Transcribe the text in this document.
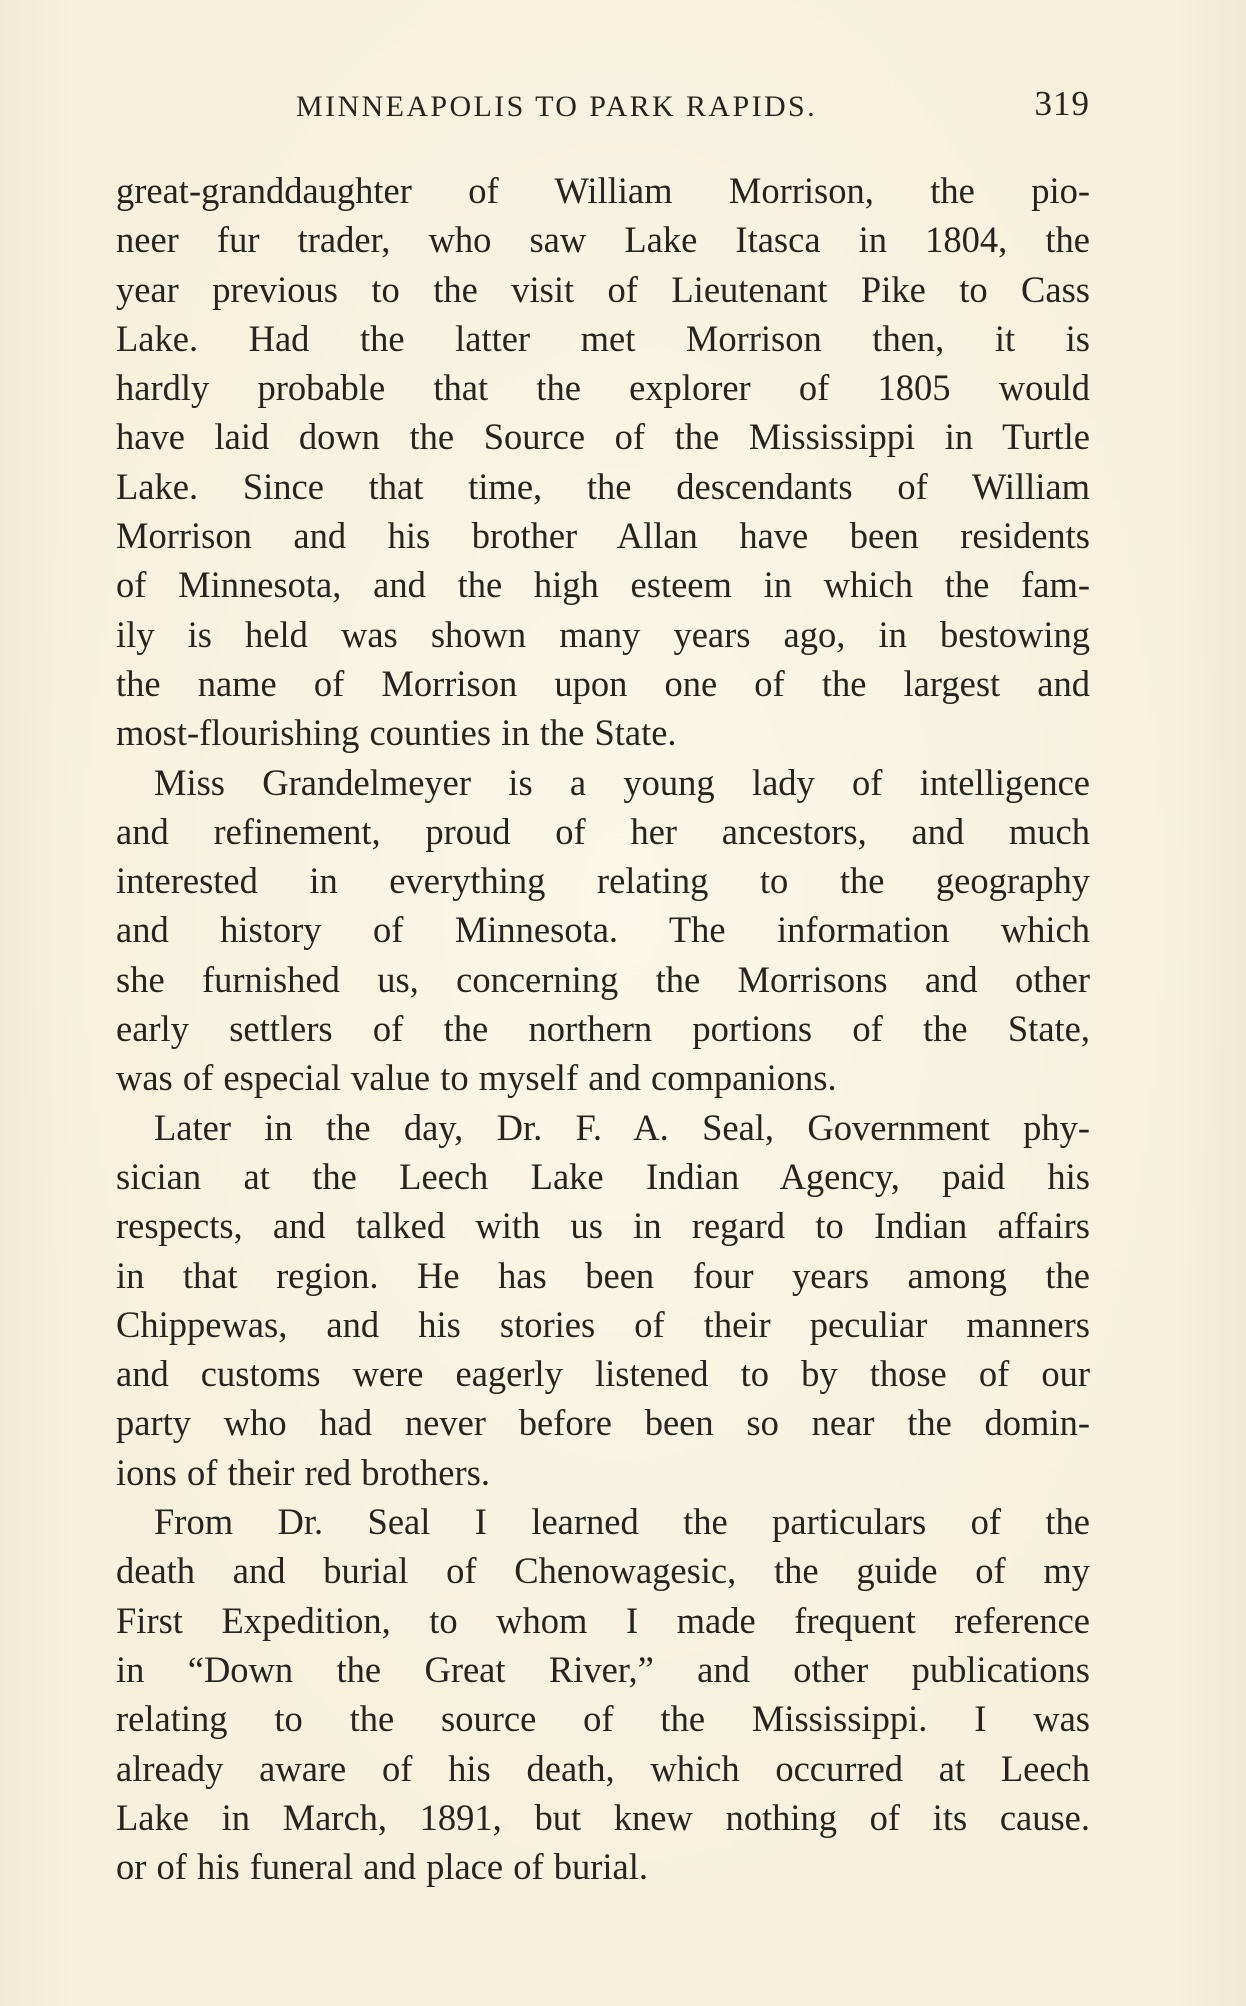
MINNEAPOLIS TO PARK RAPIDS.	319
great-granddaughter of William Morrison, the pio-
neer fur trader, who saw Lake Itasca in 1804, the
year previous to the visit of Lieutenant Pike to Cass
Lake. Had the latter met Morrison then, it is
hardly probable that the explorer of 1805 would
have laid down the Source of the Mississippi in Turtle
Lake. Since that time, the descendants of William
Morrison and his brother Allan have been residents
of Minnesota, and the high esteem in which the fam-
ily is held was shown many years ago, in bestowing
the name of Morrison upon one of the largest and
most-flourishing counties in the State.
Miss Grandelmeyer is a young lady of intelligence
and refinement, proud of her ancestors, and much
interested in everything relating to the geography
and history of Minnesota. The information which
she furnished us, concerning the Morrisons and other
early settlers of the northern portions of the State,
was of especial value to myself and companions.
Later in the day, Dr. F. A. Seal, Government phy-
sician at the Leech Lake Indian Agency, paid his
respects, and talked with us in regard to Indian affairs
in that region. He has been four years among the
Chippewas, and his stories of their peculiar manners
and customs were eagerly listened to by those of our
party who had never before been so near the domin-
ions of their red brothers.
From Dr. Seal I learned the particulars of the
death and burial of Chenowagesic, the guide of my
First Expedition, to whom I made frequent reference
in “Down the Great River,” and other publications
relating to the source of the Mississippi. I was
already aware of his death, which occurred at Leech
Lake in March, 1891, but knew nothing of its cause.
or of his funeral and place of burial.
